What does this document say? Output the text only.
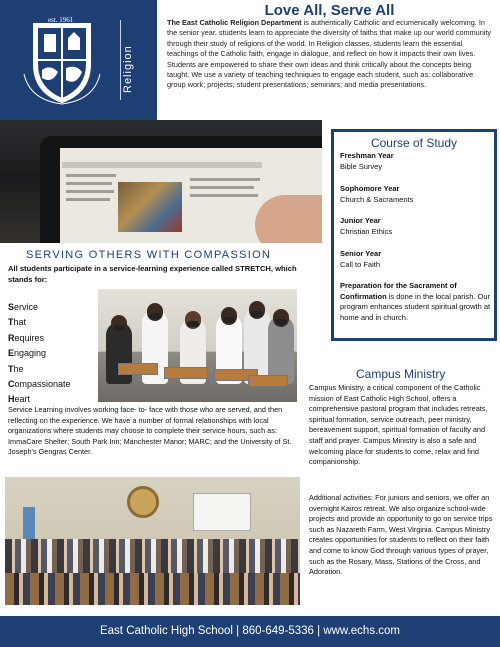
est. 1961
Religion
Love All, Serve All
The East Catholic Religion Department is authentically Catholic and ecumenically welcoming. In the senior year, students learn to appreciate the diversity of faiths that make up our world community through their study of religions of the world. In Religion classes, students learn the essential teachings of the Catholic faith, engage in dialogue, and reflect on how it impacts their own lives. Students are empowered to share their own ideas and think critically about the concepts being taught. We use a variety of teaching techniques to engage each student, such as: collaborative group work; projects; student presentations; seminars; and media presentations.
Course of Study
Freshman Year
Bible Survey
Sophomore Year
Church & Sacraments
Junior Year
Christian Ethics
Senior Year
Call to Faith
Preparation for the Sacrament of Confirmation is done in the local parish. Our program enhances student spiritual growth at home and in church.
SERVING OTHERS WITH COMPASSION
All students participate in a service-learning experience called STRETCH, which stands for:
Service
That
Requires
Engaging
The
Compassionate
Heart
Service Learning involves working face- to- face with those who are served, and then reflecting on the experience. We have a number of formal relationships with local organizations where students may choose to complete their service hours, such as: ImmaCare Shelter; South Park Inn; Manchester Manor; MARC; and the University of St. Joseph's Gengras Center.
Campus Ministry
Campus Ministry, a critical component of the Catholic mission of East Catholic High School, offers a comprehensive pastoral program that includes retreats, spiritual formation, service outreach, peer ministry, bereavement support, spiritual formation of faculty and staff and prayer. Campus Ministry is also a safe and welcoming place for students to come, relax and find companionship.
Additional activities: For juniors and seniors, we offer an overnight Kairos retreat. We also organize school-wide projects and provide an opportunity to go on service trips such as Nazareth Farm, West Virginia. Campus Ministry creates opportunities for students to reflect on their faith and come to know God through various types of prayer, such as the Rosary, Mass, Stations of the Cross, and Adoration.
East Catholic High School | 860-649-5336 | www.echs.com
